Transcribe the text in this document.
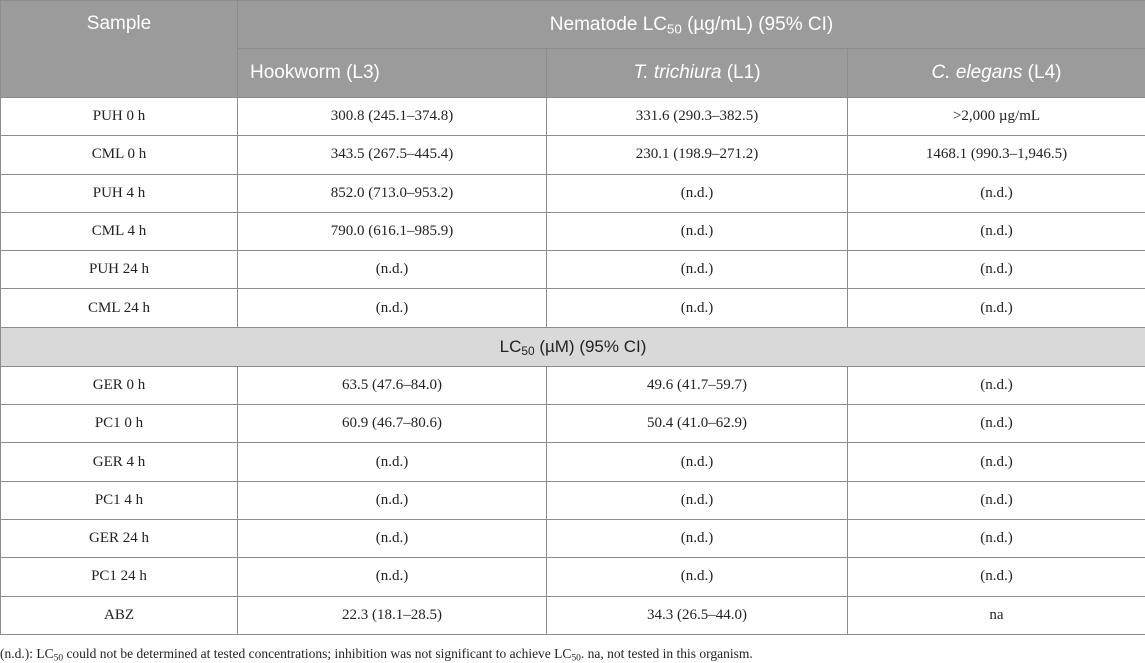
Sample	Nematode $LC_{50}$ (µg/mL) (95% CI)		
	Hookworm (L3)	T. trichiura (L1)	C. elegans (L4)
PUH 0 h	300.8 (245.1–374.8)	331.6 (290.3–382.5)	>2,000 µg/mL
CML 0 h	343.5 (267.5–445.4)	230.1 (198.9–271.2)	1468.1 (990.3–1,946.5)
PUH 4 h	852.0 (713.0–953.2)	(n.d.)	(n.d.)
CML 4 h	790.0 (616.1–985.9)	(n.d.)	(n.d.)
PUH 24 h	(n.d.)	(n.d.)	(n.d.)
CML 24 h	(n.d.)	(n.d.)	(n.d.)
$LC_{50}$ (µM) (95% CI)			
GER 0 h	63.5 (47.6–84.0)	49.6 (41.7–59.7)	(n.d.)
PC1 0 h	60.9 (46.7–80.6)	50.4 (41.0–62.9)	(n.d.)
GER 4 h	(n.d.)	(n.d.)	(n.d.)
PC1 4 h	(n.d.)	(n.d.)	(n.d.)
GER 24 h	(n.d.)	(n.d.)	(n.d.)
PC1 24 h	(n.d.)	(n.d.)	(n.d.)
ABZ	22.3 (18.1–28.5)	34.3 (26.5–44.0)	na
(n.d.): $LC_{50}$ could not be determined at tested concentrations; inhibition was not significant to achieve $LC_{50}$. na, not tested in this organism.
